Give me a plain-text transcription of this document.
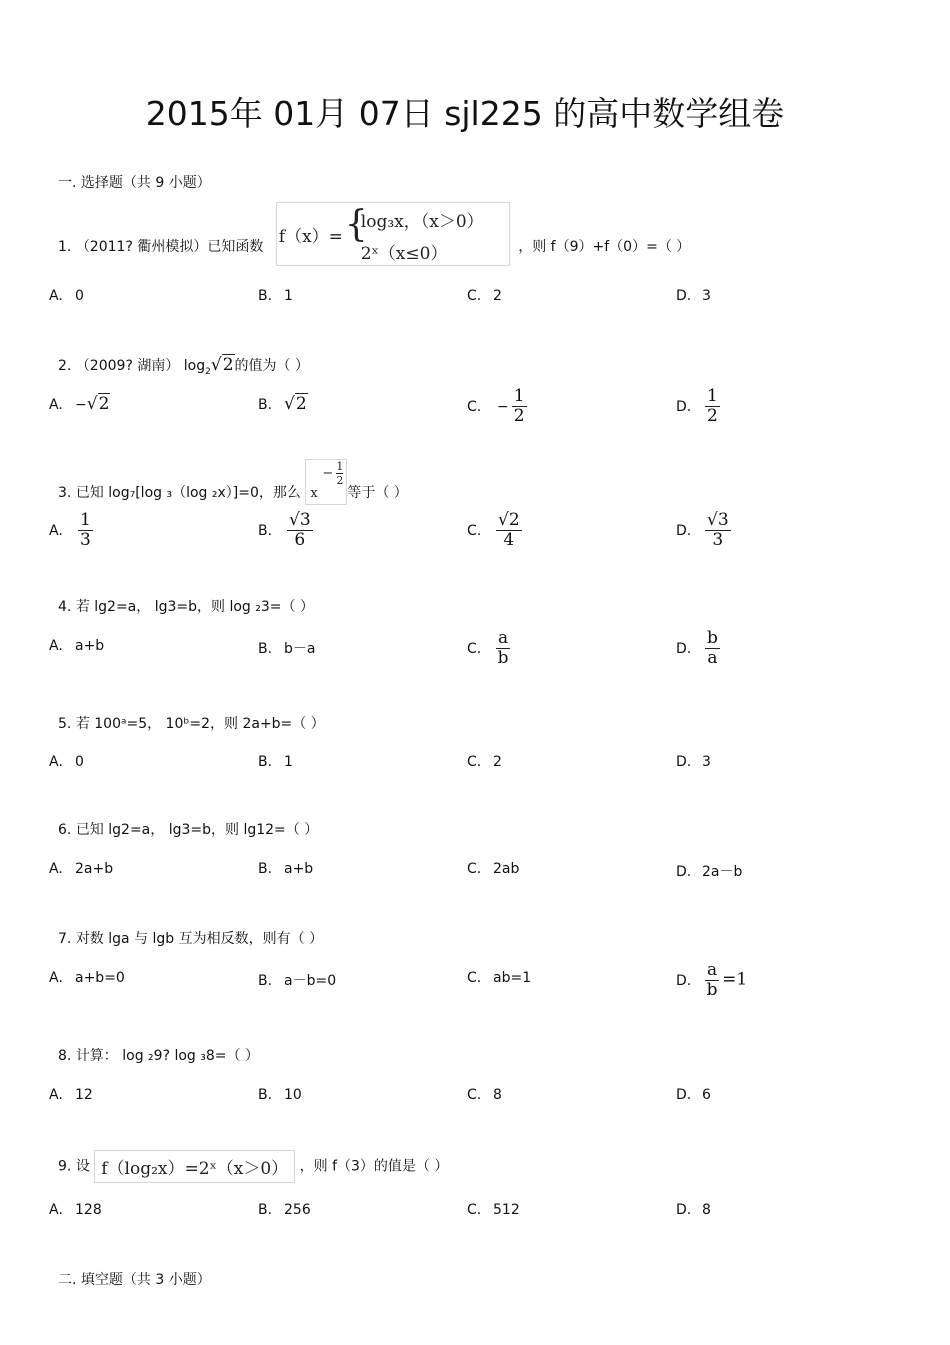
2015年 01月 07日 sjl225 的高中数学组卷
一. 选择题（共 9 小题）
1. （2011? 衢州模拟）已知函数 f（x）= {
log₃x，（x＞0）
2ˣ（x≤0）	，则 f（9）+f（0）=（ ）
A. 0	B. 1	C. 2	D. 3
2. （2009? 湖南） $\log_2√2$的值为（ ）
A. −√2	B. √2	C. − $\frac{1}{2}$	D. $\frac{1}{2}$
3. 已知 log₇[log ₃（log ₂x）]=0，那么 x
− 1
2
等于（ ）
A. $\frac{1}{3}$	B. $\frac{√3}{6}$	C. $\frac{√2}{4}$	D. $\frac{√3}{3}$
4. 若 lg2=a， lg3=b，则 log ₂3=（ ）
A. a+b	B. b－a	C. $\frac{a}{b}$	D. $\frac{b}{a}$
5. 若 100ᵃ=5， 10ᵇ=2，则 2a+b=（ ）
A. 0	B. 1	C. 2	D. 3
6. 已知 lg2=a， lg3=b，则 lg12=（ ）
A. 2a+b	B. a+b	C. 2ab	D. 2a－b
7. 对数 lga 与 lgb 互为相反数，则有（ ）
A. a+b=0	B. a－b=0	C. ab=1	D. $\frac{a}{b} =1$
8. 计算： log ₂9? log ₃8=（ ）
A. 12	B. 10	C. 8	D. 6
9. 设 f（log₂x）=2ˣ（x＞0） ，则 f（3）的值是（ ）
A. 128	B. 256	C. 512	D. 8
二. 填空题（共 3 小题）
